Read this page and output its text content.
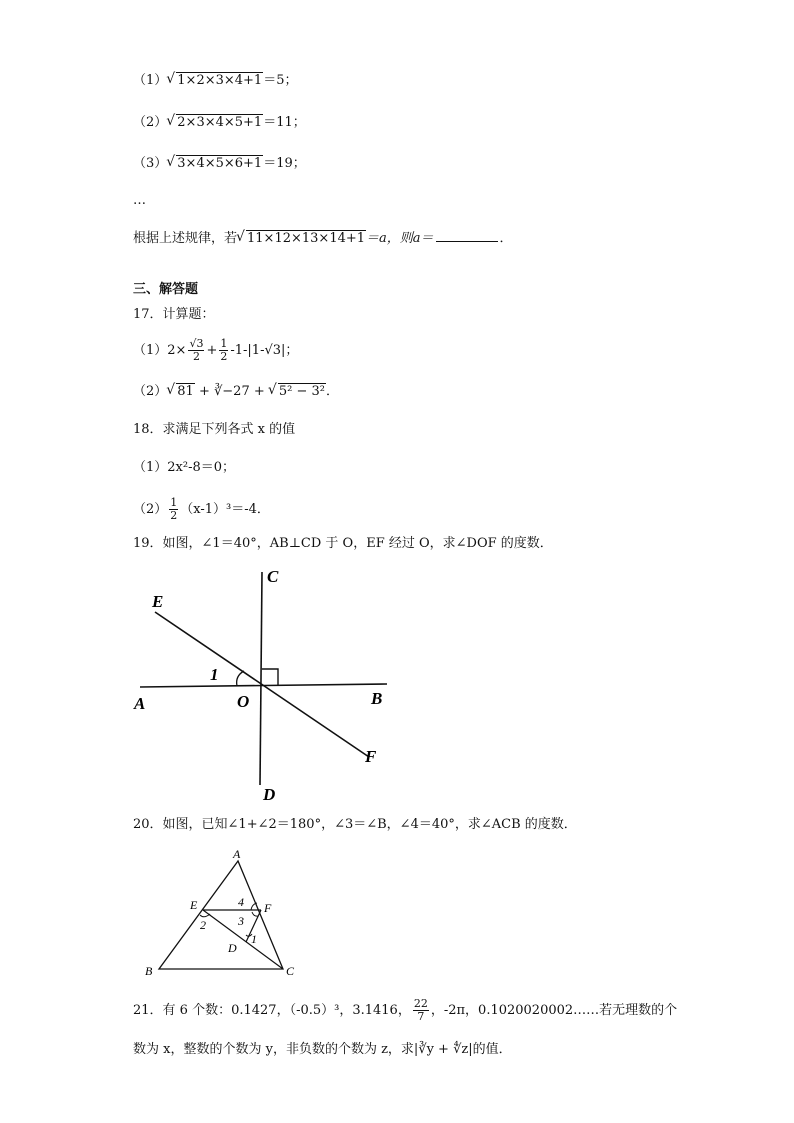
（1） √ 1×2×3×4+1＝5；
（2） √ 2×3×4×5+1＝11；
（3） √ 3×4×5×6+1＝19；
…
根据上述规律，若 √ 11×12×13×14+1＝a，则a＝	．
三、解答题
17．计算题：
$(1)2\times \frac{√3}{2} + \frac{1}{2} -1-|1-√3|$；
（2） √ 81 + ∛−27 + √ 5² − 3²．
18．求满足下列各式 x 的值
（1）2x²-8＝0；
$(2) \frac{1}{2} (x-1)^3=-4$．
19．如图，∠1＝40°，AB⊥CD 于 O，EF 经过 O，求∠DOF 的度数．
C
E
1
A	O	B
F
D
20．如图，已知∠1+∠2＝180°，∠3＝∠B，∠4＝40°，求∠ACB 的度数．
A
E	F
4
3
2
1
D
B	C
21．有 6 个数：0.1427，（-0.5）³，3.1416， $\frac{22}{7}$ ，-2π，0.1020020002……若无理数的个
数为 x，整数的个数为 y，非负数的个数为 z，求|∛y + ∜z|的值．
